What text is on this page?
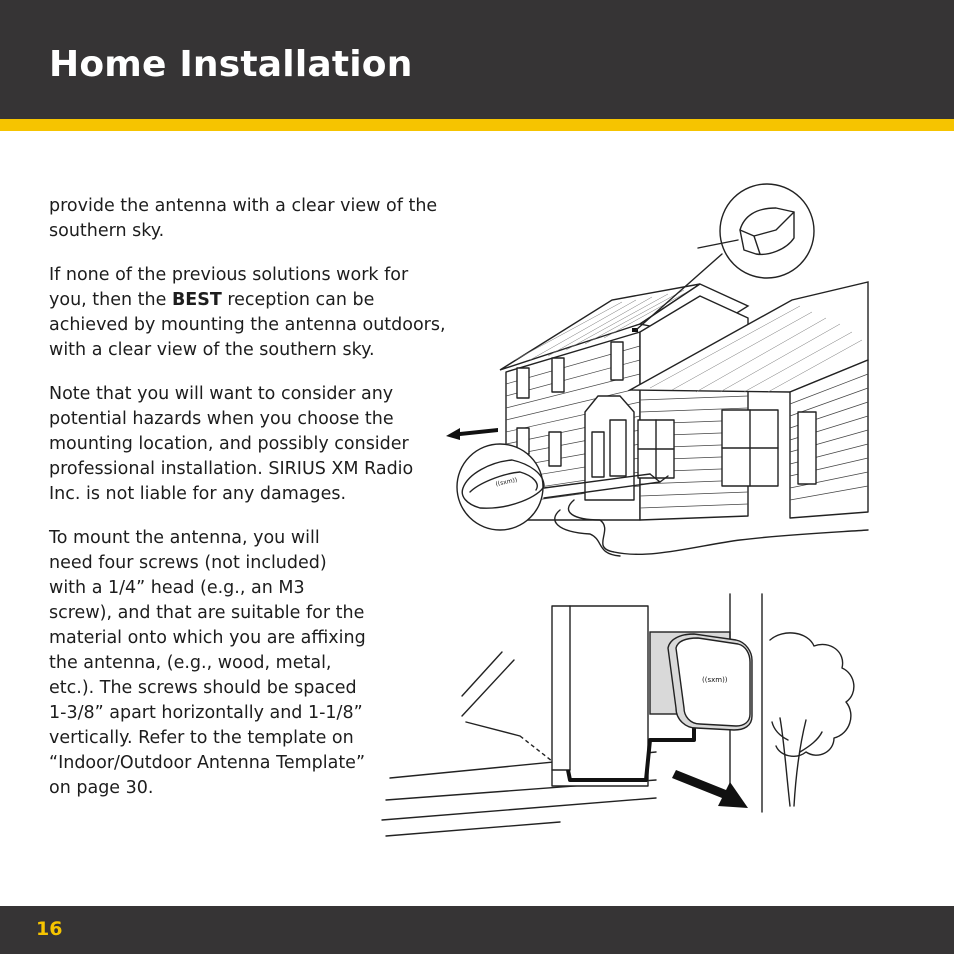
Home Installation

provide the antenna with a clear view of the southern sky.

If none of the previous solutions work for you, then the BEST reception can be achieved by mounting the antenna outdoors, with a clear view of the southern sky.

Note that you will want to consider any potential hazards when you choose the mounting location, and possibly consider professional installation. SIRIUS XM Radio Inc. is not liable for any damages.

To mount the antenna, you will need four screws (not included) with a 1/4” head (e.g., an M3 screw), and that are suitable for the material onto which you are affixing the antenna, (e.g., wood, metal, etc.). The screws should be spaced 1-3/8” apart horizontally and 1-1/8” vertically. Refer to the template on “Indoor/Outdoor Antenna Template” on page 30.

((sxm))
((sxm))
16
